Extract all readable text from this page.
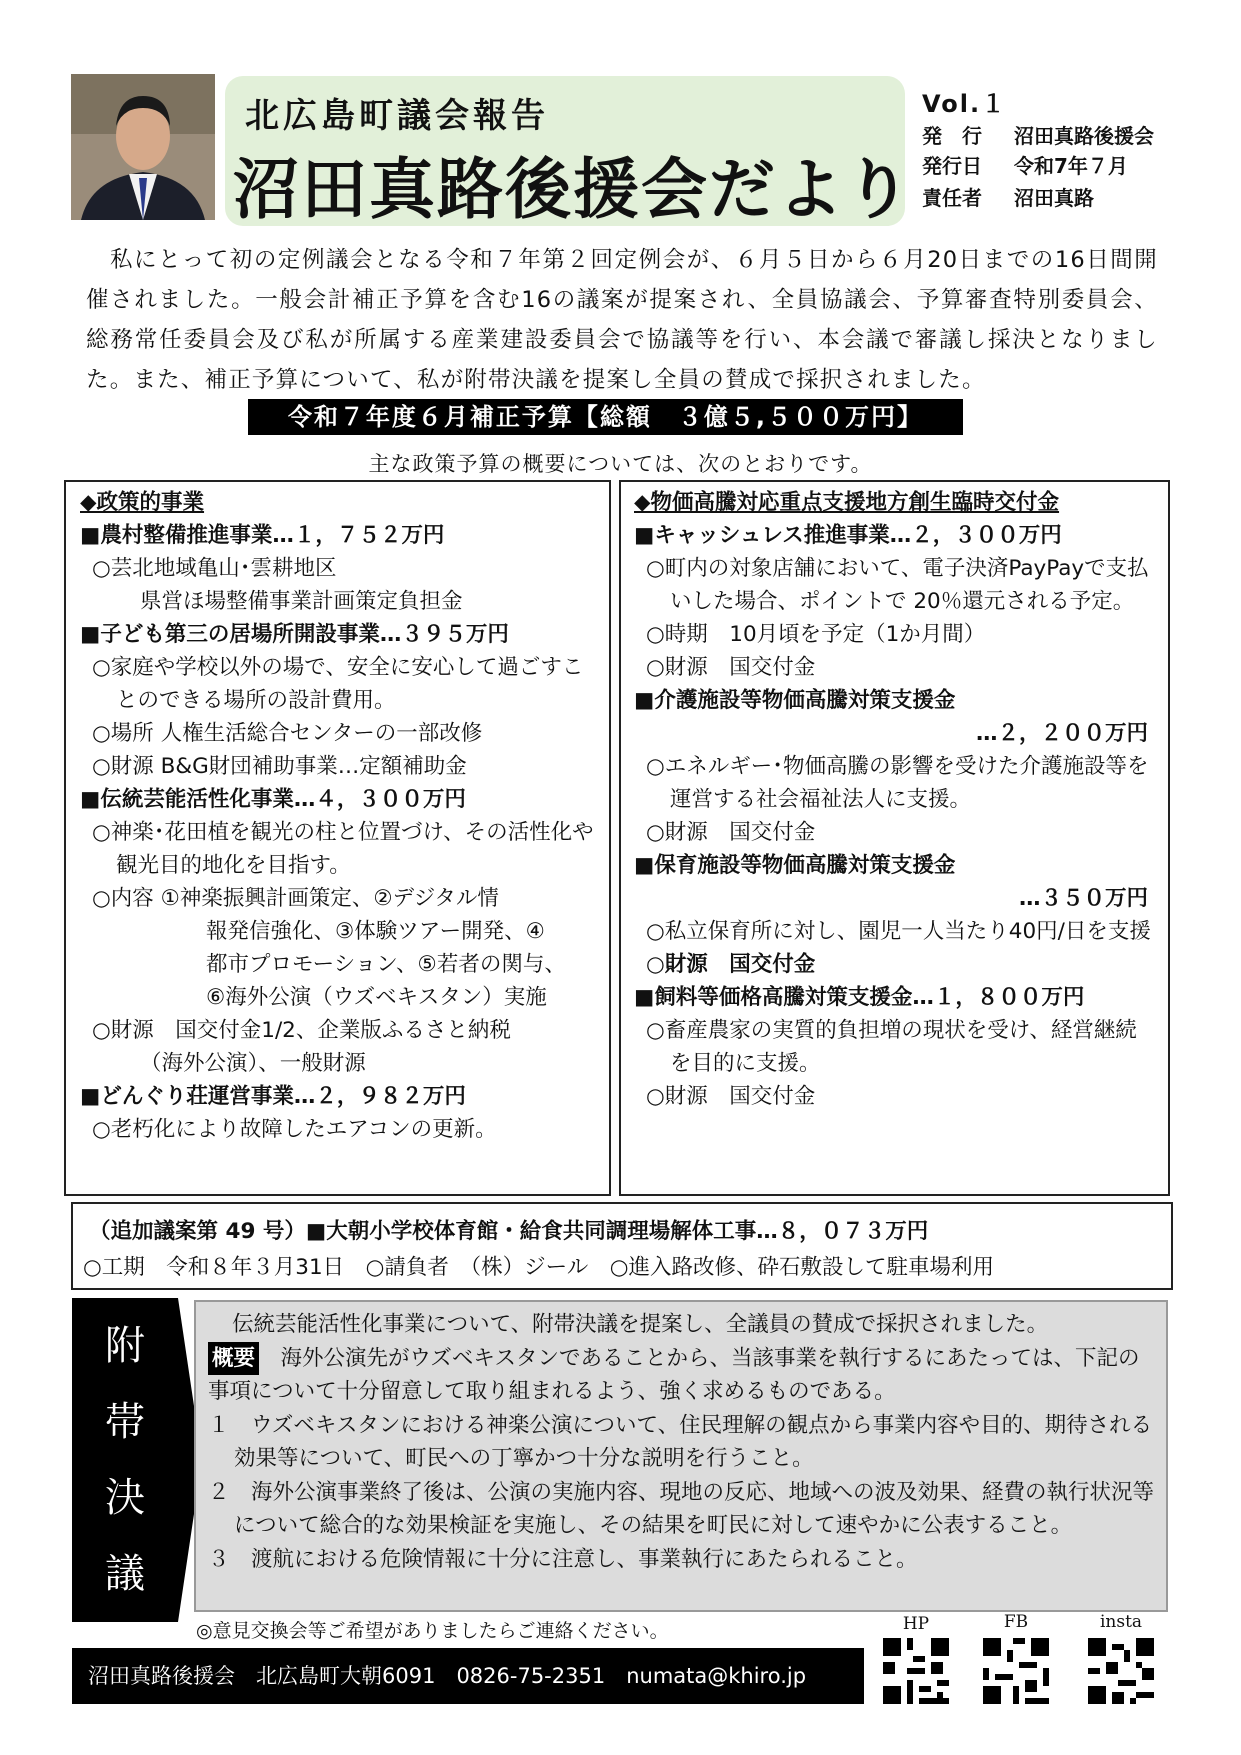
北広島町議会報告
沼田真路後援会だより
Vol.１
発　行 沼田真路後援会
発行日 令和7年７月
責任者 沼田真路
私にとって初の定例議会となる令和７年第２回定例会が、６月５日から６月20日までの16日間開催されました。一般会計補正予算を含む16の議案が提案され、全員協議会、予算審査特別委員会、総務常任委員会及び私が所属する産業建設委員会で協議等を行い、本会議で審議し採決となりました。また、補正予算について、私が附帯決議を提案し全員の賛成で採択されました。
令和７年度６月補正予算【総額　３億５,５００万円】
主な政策予算の概要については、次のとおりです。
◆政策的事業
■農村整備推進事業…１，７５２万円
○芸北地域亀山･雲耕地区
県営ほ場整備事業計画策定負担金
■子ども第三の居場所開設事業…３９５万円
○家庭や学校以外の場で、安全に安心して過ごすことのできる場所の設計費用。
○場所 人権生活総合センターの一部改修
○財源 B&G財団補助事業…定額補助金
■伝統芸能活性化事業…４，３００万円
○神楽･花田植を観光の柱と位置づけ、その活性化や観光目的地化を目指す。
○内容 ①神楽振興計画策定、②デジタル情
報発信強化、③体験ツアー開発、④
都市プロモーション、⑤若者の関与、
⑥海外公演（ウズベキスタン）実施
○財源　国交付金1/2、企業版ふるさと納税
（海外公演）、一般財源
■どんぐり荘運営事業…２，９８２万円
○老朽化により故障したエアコンの更新。
◆物価高騰対応重点支援地方創生臨時交付金
■キャッシュレス推進事業…２，３００万円
○町内の対象店舗において、電子決済PayPayで支払いした場合、ポイントで 20％還元される予定。
○時期　10月頃を予定（1か月間）
○財源　国交付金
■介護施設等物価高騰対策支援金
…２，２００万円
○エネルギー･物価高騰の影響を受けた介護施設等を運営する社会福祉法人に支援。
○財源　国交付金
■保育施設等物価高騰対策支援金
…３５０万円
○私立保育所に対し、園児一人当たり40円/日を支援
○財源　国交付金
■飼料等価格高騰対策支援金…１，８００万円
○畜産農家の実質的負担増の現状を受け、経営継続を目的に支援。
○財源　国交付金
（追加議案第 49 号）■大朝小学校体育館・給食共同調理場解体工事…８，０７３万円
○工期　令和８年３月31日　○請負者　（株）ジール　○進入路改修、砕石敷設して駐車場利用
附
帯
決
議
伝統芸能活性化事業について、附帯決議を提案し、全議員の賛成で採択されました。
概要　 海外公演先がウズベキスタンであることから、当該事業を執行するにあたっては、下記の事項について十分留意して取り組まれるよう、強く求めるものである。
１　ウズベキスタンにおける神楽公演について、住民理解の観点から事業内容や目的、期待される効果等について、町民への丁寧かつ十分な説明を行うこと。
２　海外公演事業終了後は、公演の実施内容、現地の反応、地域への波及効果、経費の執行状況等について総合的な効果検証を実施し、その結果を町民に対して速やかに公表すること。
３　渡航における危険情報に十分に注意し、事業執行にあたられること。
◎意見交換会等ご希望がありましたらご連絡ください。
沼田真路後援会　北広島町大朝6091　0826-75-2351　numata@khiro.jp
HP	FB	insta
